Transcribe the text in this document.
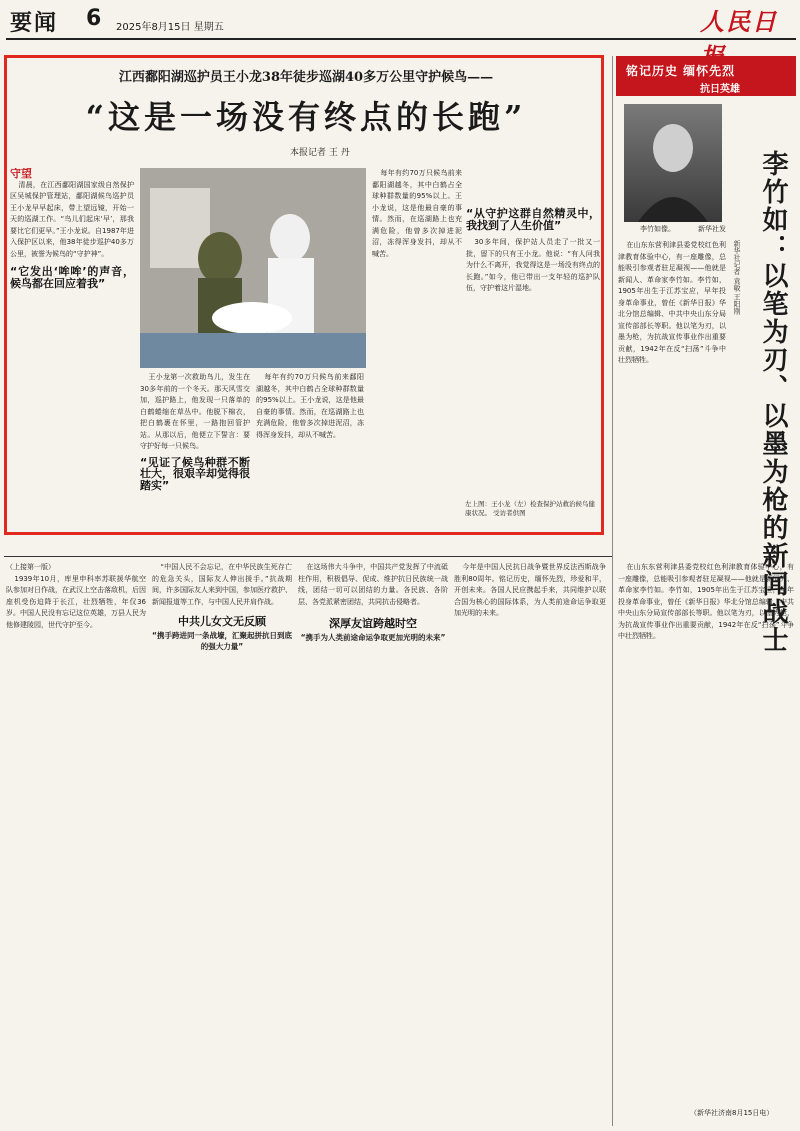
要闻 6 2025年8月15日 星期五	人民日
江西鄱阳湖巡护员王小龙38年徒步巡湖40多万公里守护候鸟——
“这是一场没有终点的长跑”
本报记者 王 丹

守望

清晨，在江西鄱阳湖国家级自然保护区吴城保护管理站，鄱阳湖候鸟巡护员王小龙早早起床，带上望远镜，开始一天的巡湖工作。“鸟儿们起床‘早’，那我要比它们更早。”王小龙说。自1987年进入保护区以来，他38年徒步巡护40多万公里，被誉为候鸟的“守护神”。

“它发出‘哞哞’的声音，候鸟都在回应着我”

王小龙第一次救助鸟儿，发生在30多年前的一个冬天。那天风雪交加，巡护路上，他发现一只落单的白鹤蜷缩在草丛中。他脱下棉衣，把白鹤裹在怀里，一路抱回管护站。从那以后，他便立下誓言：要守护好每一只候鸟。

“见证了候鸟种群不断壮大，很艰辛却觉得很踏实”

每年有约70万只候鸟前来鄱阳湖越冬，其中白鹤占全球种群数量的95%以上。王小龙说，这是他最自豪的事情。然而，在巡湖路上也充满危险，他曾多次掉进泥沼，冻得浑身发抖，却从不喊苦。

每年有约70万只候鸟前来鄱阳湖越冬，其中白鹤占全球种群数量的95%以上。王小龙说，这是他最自豪的事情。然而，在巡湖路上也充满危险，他曾多次掉进泥沼，冻得浑身发抖，却从不喊苦。

“从守护这群自然精灵中，我找到了人生价值”

30多年间，保护站人员走了一批又一批，留下的只有王小龙。他说：“有人问我为什么不离开，我觉得这是一场没有终点的长跑。”如今，他已带出一支年轻的巡护队伍，守护着这片湿地。

左上图：王小龙（左）检查保护站救治候鸟健康状况。 受访者供图
铭记历史 缅怀先烈
抗日英雄
李竹如像。	新华社发 李竹如：以笔为刃、以墨为枪的新闻战士
新华社记者 袁敏 王阳刚

在山东东营利津县委党校红色利津教育体验中心，有一座雕像，总能吸引参观者驻足凝视——他就是新闻人、革命家李竹如。李竹如，1905年出生于江苏宝应，早年投身革命事业，曾任《新华日报》华北分馆总编辑、中共中央山东分局宣传部部长等职。他以笔为刃，以墨为枪，为抗战宣传事业作出重要贡献，1942年在反“扫荡”斗争中壮烈牺牲。

（上接第一版）

1939年10月，库里申科率苏联援华航空队参加对日作战，在武汉上空击落敌机，后因座机受伤迫降于长江，壮烈牺牲，年仅36岁。中国人民没有忘记这位英雄，万县人民为他修建陵园，世代守护至今。

“中国人民不会忘记，在中华民族生死存亡的危急关头，国际友人伸出援手。”抗战期间，许多国际友人来到中国，参加医疗救护、新闻报道等工作，与中国人民并肩作战。

中共儿女文无反顾

“携手跨进同一条战壕，汇聚起拼抗日到底的强大力量”

在这场伟大斗争中，中国共产党发挥了中流砥柱作用，积极倡导、促成、维护抗日民族统一战线，团结一切可以团结的力量。各民族、各阶层、各党派紧密团结，共同抗击侵略者。

深厚友谊跨越时空

“携手为人类前途命运争取更加光明的未来”

今年是中国人民抗日战争暨世界反法西斯战争胜利80周年。铭记历史，缅怀先烈，珍爱和平，开创未来。各国人民应携起手来，共同维护以联合国为核心的国际体系，为人类前途命运争取更加光明的未来。

在山东东营利津县委党校红色利津教育体验中心，有一座雕像，总能吸引参观者驻足凝视——他就是新闻人、革命家李竹如。李竹如，1905年出生于江苏宝应，早年投身革命事业，曾任《新华日报》华北分馆总编辑、中共中央山东分局宣传部部长等职。他以笔为刃，以墨为枪，为抗战宣传事业作出重要贡献，1942年在反“扫荡”斗争中壮烈牺牲。

（新华社济南8月15日电）
